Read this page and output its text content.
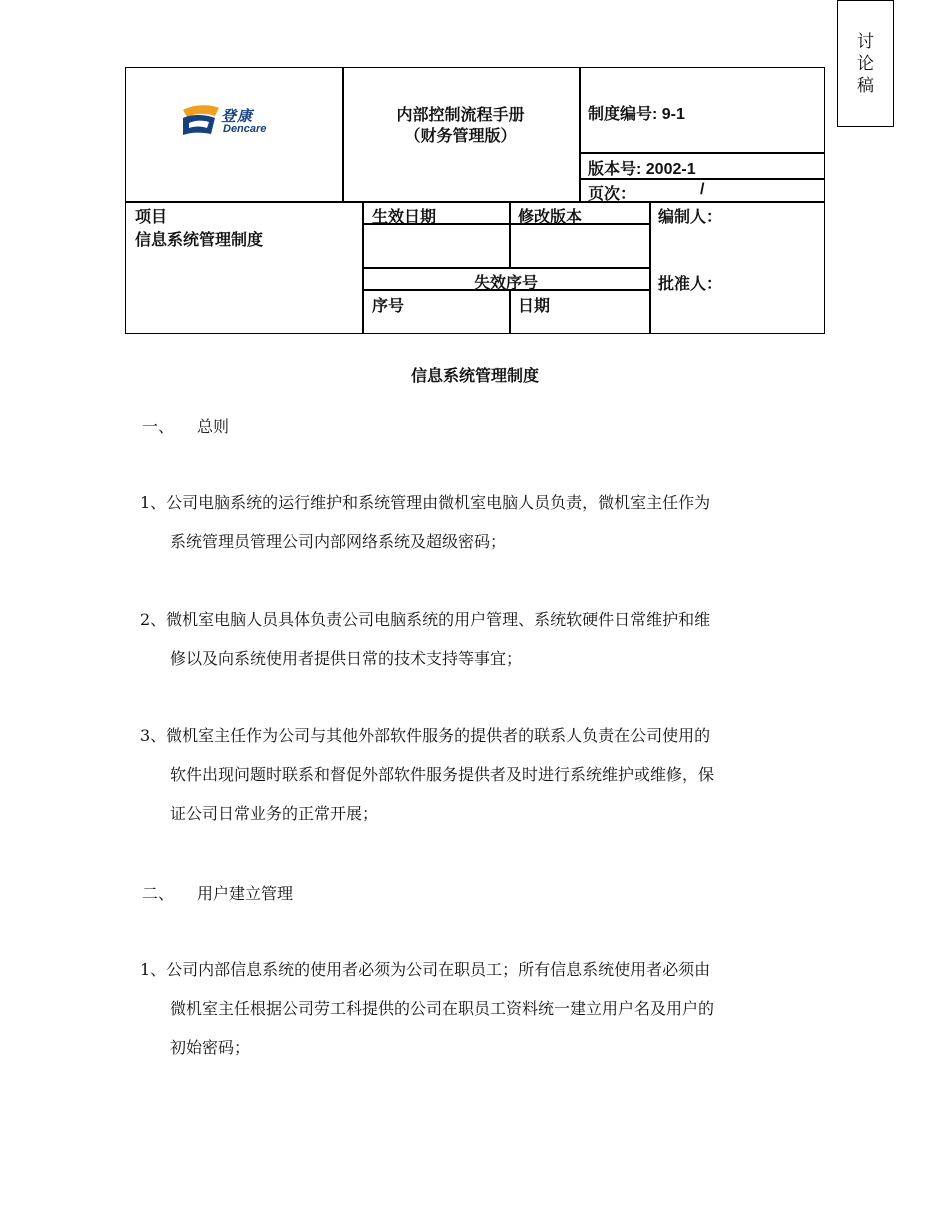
讨
论
稿
登康
Dencare
内部控制流程手册
（财务管理版）
制度编号: 9-1
版本号: 2002-1
页次：	/
项目
信息系统管理制度
生效日期	修改版本
失效序号
序号	日期
编制人：
批准人：
信息系统管理制度
一、 总则
1、公司电脑系统的运行维护和系统管理由微机室电脑人员负责，微机室主任作为
系统管理员管理公司内部网络系统及超级密码；
2、微机室电脑人员具体负责公司电脑系统的用户管理、系统软硬件日常维护和维
修以及向系统使用者提供日常的技术支持等事宜；
3、微机室主任作为公司与其他外部软件服务的提供者的联系人负责在公司使用的
软件出现问题时联系和督促外部软件服务提供者及时进行系统维护或维修，保
证公司日常业务的正常开展；
二、 用户建立管理
1、公司内部信息系统的使用者必须为公司在职员工；所有信息系统使用者必须由
微机室主任根据公司劳工科提供的公司在职员工资料统一建立用户名及用户的
初始密码；
